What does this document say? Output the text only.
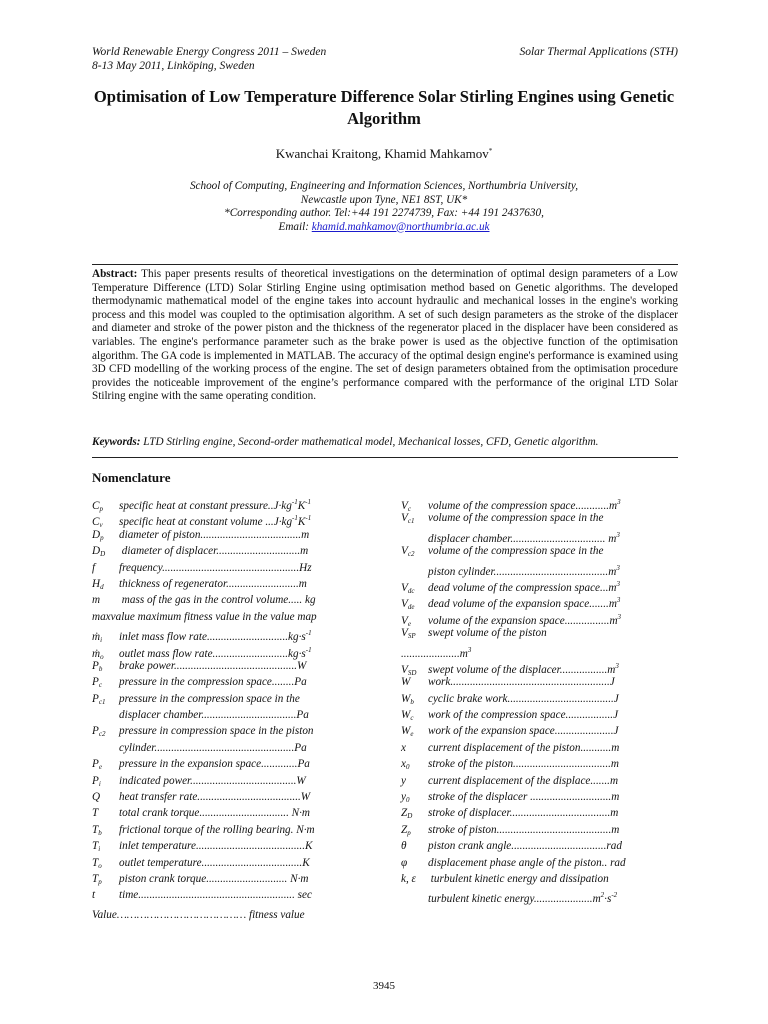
World Renewable Energy Congress 2011 – Sweden
8-13 May 2011, Linköping, Sweden
Solar Thermal Applications (STH)
Optimisation of Low Temperature Difference Solar Stirling Engines using Genetic Algorithm
Kwanchai Kraitong, Khamid Mahkamov*
School of Computing, Engineering and Information Sciences, Northumbria University,
Newcastle upon Tyne, NE1 8ST, UK*
*Corresponding author. Tel:+44 191 2274739, Fax: +44 191 2437630,
Email: khamid.mahkamov@northumbria.ac.uk
Abstract: This paper presents results of theoretical investigations on the determination of optimal design parameters of a Low Temperature Difference (LTD) Solar Stirling Engine using optimisation method based on Genetic algorithms. The developed thermodynamic mathematical model of the engine takes into account hydraulic and mechanical losses in the engine's working process and this model was coupled to the optimisation algorithm. A set of such design parameters as the stroke of the displacer and diameter and stroke of the power piston and the thickness of the regenerator placed in the displacer have been considered as variables. The engine's performance parameter such as the brake power is used as the objective function of the optimisation algorithm. The GA code is implemented in MATLAB. The accuracy of the optimal design engine's performance is examined using 3D CFD modelling of the working process of the engine. The set of design parameters obtained from the optimisation procedure provides the noticeable improvement of the engine’s performance compared with the performance of the original LTD Solar Stilring engine with the same operating condition.
Keywords: LTD Stirling engine, Second-order mathematical model, Mechanical losses, CFD, Genetic algorithm.
Nomenclature
$C_p$ specific heat at constant $pressure..J\cdot kg^{-1}K^{-1}$
$C_v$ specific heat at constant volume $...J\cdot kg^{-1}K^{-1}$
$D_p$ diameter of piston....................................m
$D_D$ diameter of displacer..............................m
f frequency.................................................Hz
$H_d$ thickness of regenerator..........................m
m mass of the gas in the control volume..... kg
maxvalue maximum fitness value in the value map
ṁ$_i$ inlet mass flow $rate.............................kg\cdot s^{-1}$
ṁ$_o$ outlet mass flow $rate...........................kg\cdot s^{-1}$
$P_b$ brake power............................................W
$P_c$ pressure in the compression space........Pa
$P_{c1}$ pressure in the compression space in the
displacer chamber..................................Pa
$P_{c2}$ pressure in compression space in the piston
cylinder..................................................Pa
$P_e$ pressure in the expansion space.............Pa
$P_i$ indicated power......................................W
Q heat transfer rate.....................................W
T total crank torque................................ N·m
$T_b$ frictional torque of the rolling bearing. N·m
$T_i$ inlet temperature.......................................K
$T_o$ outlet temperature....................................K
$T_p$ piston crank torque............................. N·m
t time........................................................ sec
$V_c$ volume of the compression $space............m^3$
$V_{c1}$ volume of the compression space in the
displacer chamber.................................. $m^3$
$V_{c2}$ volume of the compression space in the
piston $cylinder.........................................m^3$
$V_{dc}$ dead volume of the compression $space...m^3$
$V_{de}$ dead volume of the expansion $space.......m^3$
$V_e$ volume of the expansion $space................m^3$
$V_{SP}$ swept volume of the piston
$.....................m^3$
$V_{SD}$ swept volume of the $displacer.................m^3$
W work.........................................................J
$W_b$ cyclic brake work......................................J
$W_c$ work of the compression space.................J
$W_e$ work of the expansion space.....................J
x current displacement of the piston...........m
$x_0$ stroke of the piston...................................m
y current displacement of the displace.......m
$y_0$ stroke of the displacer .............................m
$Z_D$ stroke of displacer....................................m
$Z_p$ stroke of piston.........................................m
θ piston crank angle..................................rad
φ displacement phase angle of the piston.. rad
k, ε turbulent kinetic energy and dissipation
turbulent kinetic $energy.....................m^2\cdot s^{-2}$
Value………………………………… fitness value
3945
